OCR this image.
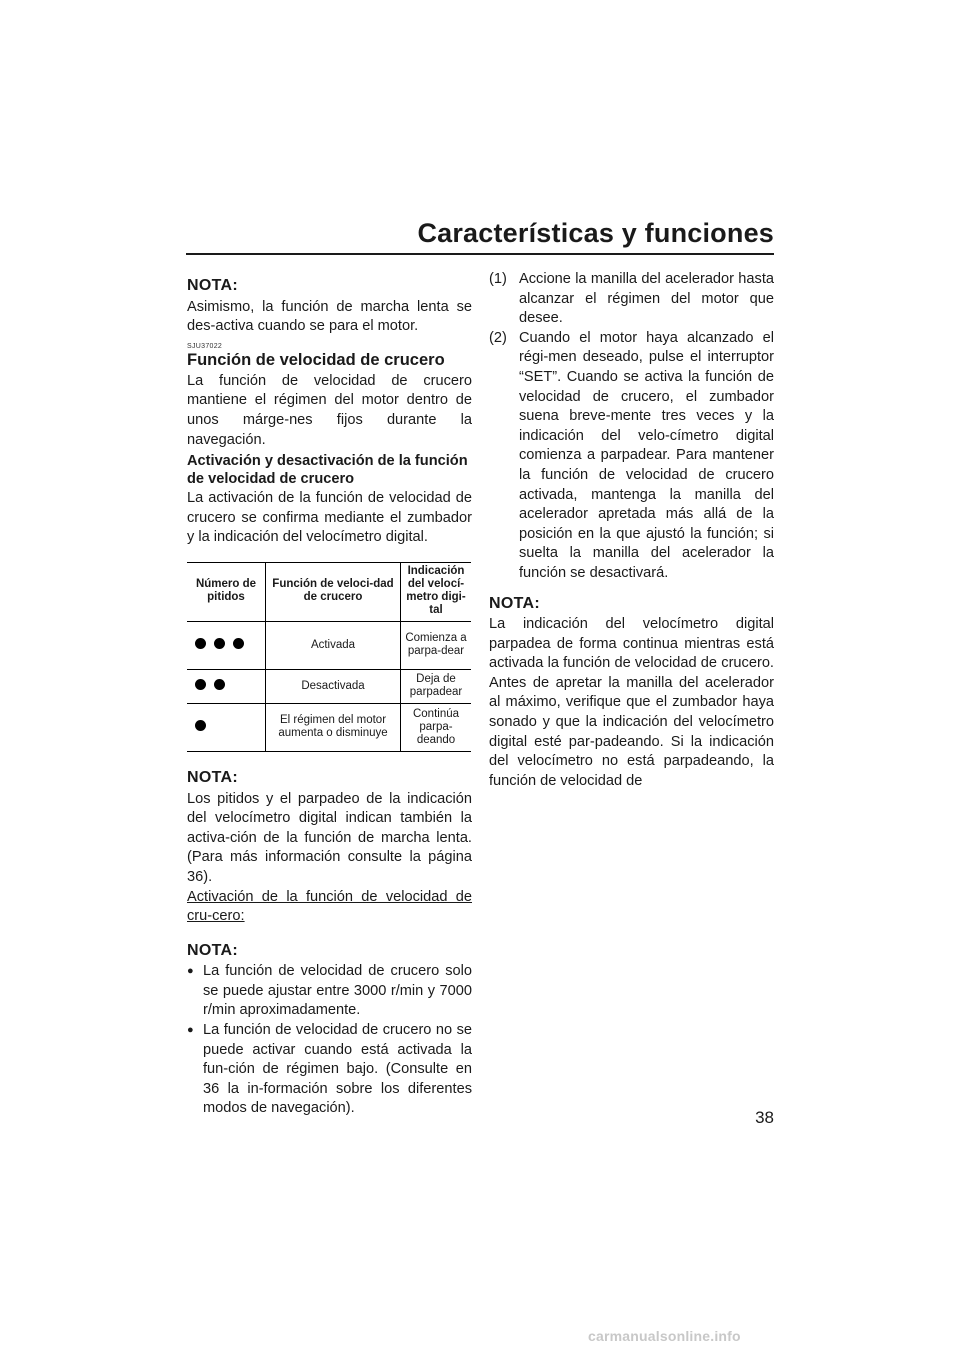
Características y funciones

NOTA:

Asimismo, la función de marcha lenta se des-activa cuando se para el motor.

SJU37022

Función de velocidad de crucero

La función de velocidad de crucero mantiene el régimen del motor dentro de unos márge-nes fijos durante la navegación.

Activación y desactivación de la función de velocidad de crucero

La activación de la función de velocidad de crucero se confirma mediante el zumbador y la indicación del velocímetro digital.

Número de pitidos	Función de veloci-dad de crucero	Indicación del velocí-metro digi-tal
	Activada	Comienza a parpa-dear
	Desactivada	Deja de parpadear
	El régimen del motor aumenta o disminuye	Continúa parpa-deando

NOTA:

Los pitidos y el parpadeo de la indicación del velocímetro digital indican también la activa-ción de la función de marcha lenta. (Para más información consulte la página 36).

Activación de la función de velocidad de cru-cero:

NOTA:

● La función de velocidad de crucero solo se puede ajustar entre 3000 r/min y 7000 r/min aproximadamente.
● La función de velocidad de crucero no se puede activar cuando está activada la fun-ción de régimen bajo. (Consulte en 36 la in-formación sobre los diferentes modos de navegación).
(1) Accione la manilla del acelerador hasta alcanzar el régimen del motor que desee.
(2) Cuando el motor haya alcanzado el régi-men deseado, pulse el interruptor “SET”. Cuando se activa la función de velocidad de crucero, el zumbador suena breve-mente tres veces y la indicación del velo-címetro digital comienza a parpadear. Para mantener la función de velocidad de crucero activada, mantenga la manilla del acelerador apretada más allá de la posición en la que ajustó la función; si suelta la manilla del acelerador la función se desactivará.

NOTA:

La indicación del velocímetro digital parpadea de forma continua mientras está activada la función de velocidad de crucero. Antes de apretar la manilla del acelerador al máximo, verifique que el zumbador haya sonado y que la indicación del velocímetro digital esté par-padeando. Si la indicación del velocímetro no está parpadeando, la función de velocidad de

38
carmanualsonline.info
